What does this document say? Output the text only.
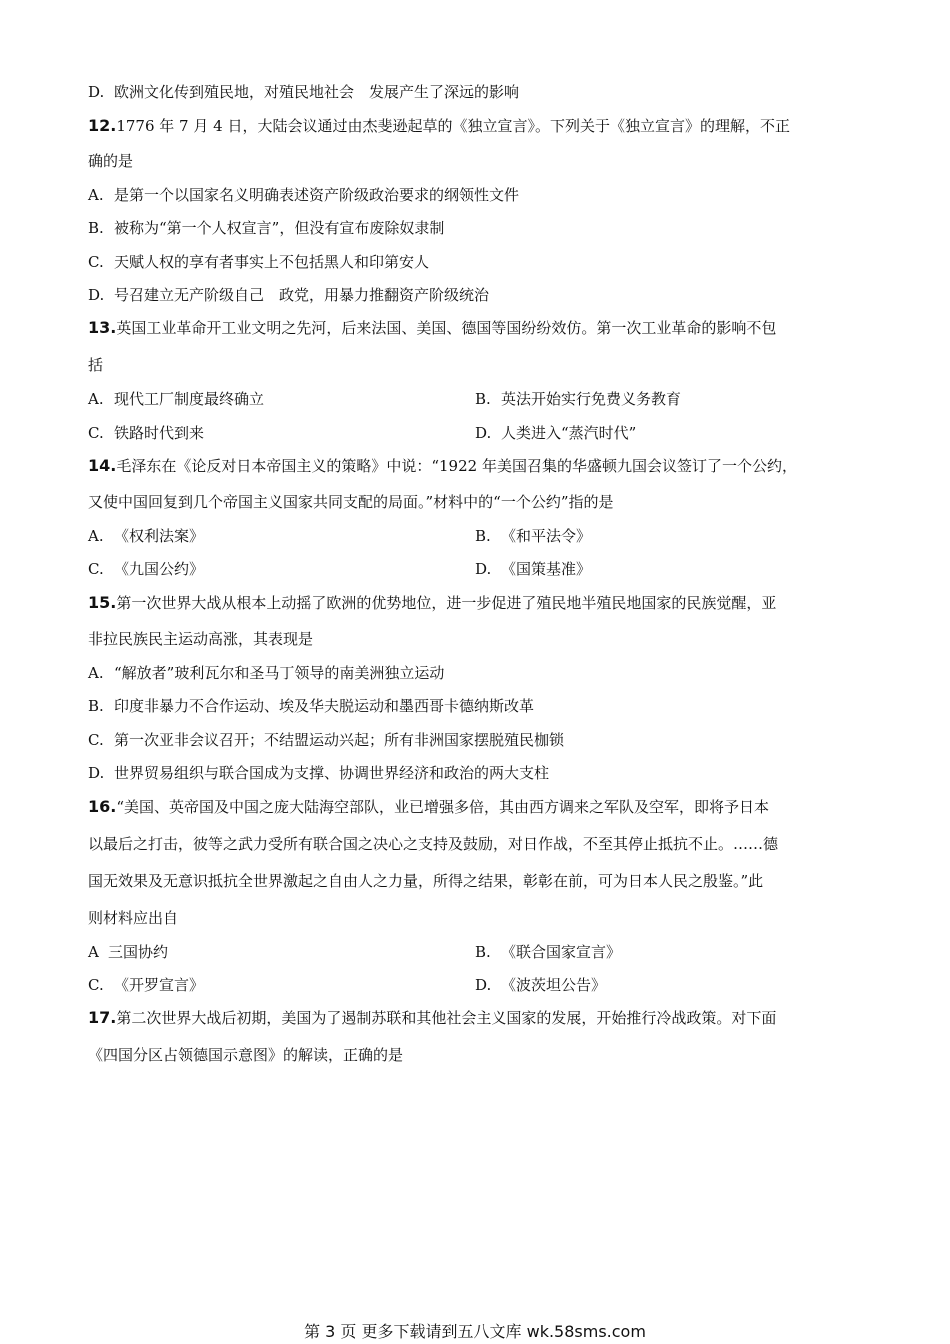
D. 欧洲文化传到殖民地，对殖民地社会　发展产生了深远的影响
12.1776 年 7 月 4 日，大陆会议通过由杰斐逊起草的《独立宣言》。下列关于《独立宣言》的理解，不正
确的是
A. 是第一个以国家名义明确表述资产阶级政治要求的纲领性文件
B. 被称为“第一个人权宣言”，但没有宣布废除奴隶制
C. 天赋人权的享有者事实上不包括黑人和印第安人
D. 号召建立无产阶级自己　政党，用暴力推翻资产阶级统治
13.英国工业革命开工业文明之先河，后来法国、美国、德国等国纷纷效仿。第一次工业革命的影响不包
括
A. 现代工厂制度最终确立	B. 英法开始实行免费义务教育
C. 铁路时代到来	D. 人类进入“蒸汽时代”
14.毛泽东在《论反对日本帝国主义的策略》中说：“1922 年美国召集的华盛顿九国会议签订了一个公约，
又使中国回复到几个帝国主义国家共同支配的局面。”材料中的“一个公约”指的是
A. 《权利法案》	B. 《和平法令》
C. 《九国公约》	D. 《国策基准》
15.第一次世界大战从根本上动摇了欧洲的优势地位，进一步促进了殖民地半殖民地国家的民族觉醒，亚
非拉民族民主运动高涨，其表现是
A. “解放者”玻利瓦尔和圣马丁领导的南美洲独立运动
B. 印度非暴力不合作运动、埃及华夫脱运动和墨西哥卡德纳斯改革
C. 第一次亚非会议召开；不结盟运动兴起；所有非洲国家摆脱殖民枷锁
D. 世界贸易组织与联合国成为支撑、协调世界经济和政治的两大支柱
16.“美国、英帝国及中国之庞大陆海空部队，业已增强多倍，其由西方调来之军队及空军，即将予日本
以最后之打击，彼等之武力受所有联合国之决心之支持及鼓励，对日作战，不至其停止抵抗不止。……德
国无效果及无意识抵抗全世界激起之自由人之力量，所得之结果，彰彰在前，可为日本人民之殷鉴。”此
则材料应出自
A 三国协约	B. 《联合国家宣言》
C. 《开罗宣言》	D. 《波茨坦公告》
17.第二次世界大战后初期，美国为了遏制苏联和其他社会主义国家的发展，开始推行冷战政策。对下面
《四国分区占领德国示意图》的解读，正确的是
第 3 页 更多下载请到五八文库 wk.58sms.com
